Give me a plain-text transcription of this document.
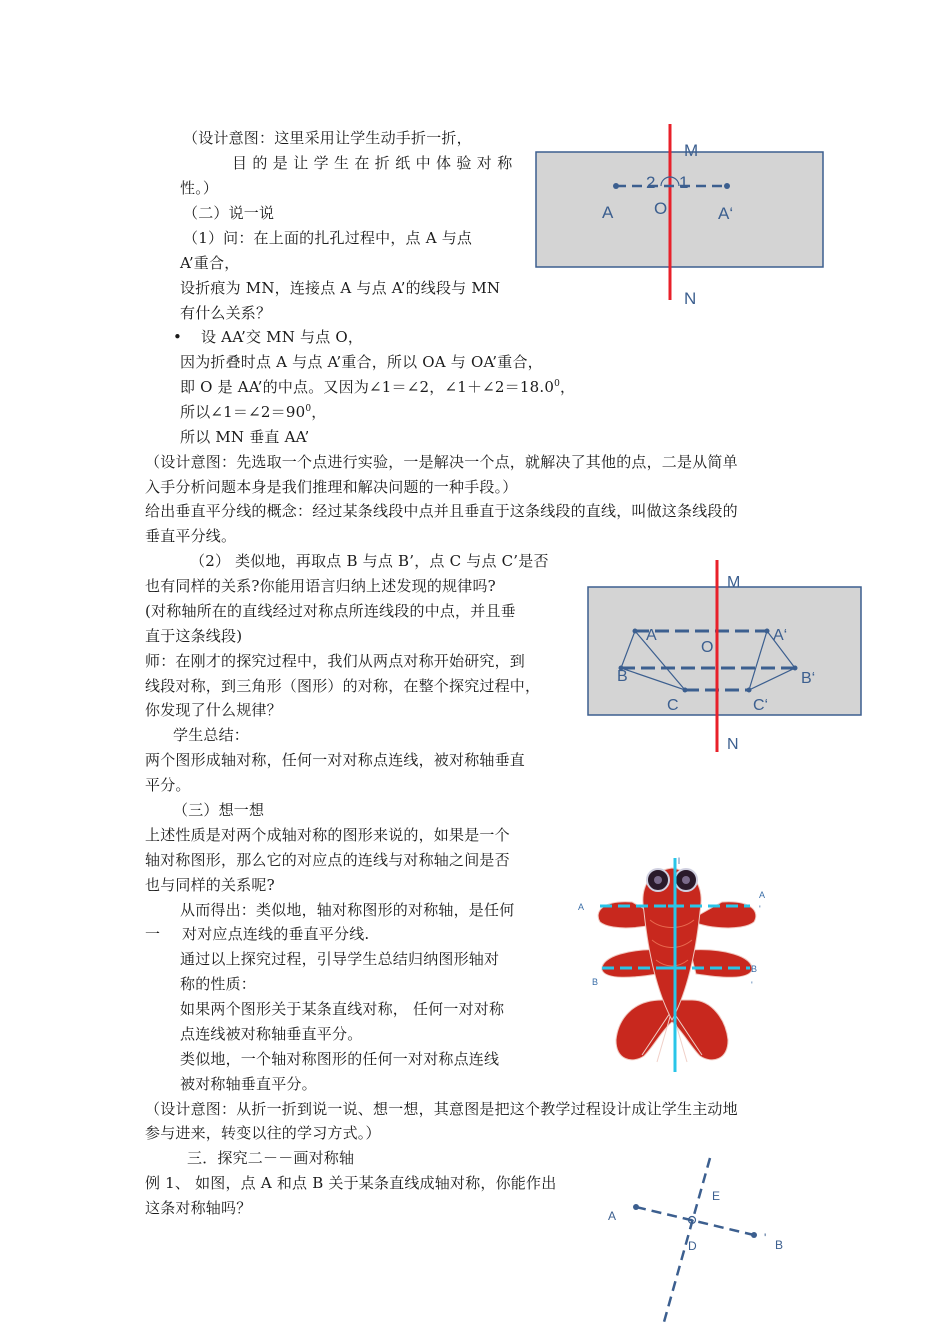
（设计意图：这里采用让学生动手折一折，
目的是让学生在折纸中体验对称
性。）
（二）说一说
（1）问：在上面的扎孔过程中，点 A 与点
A’重合，
设折痕为 MN，连接点 A 与点 A’的线段与 MN
有什么关系？
• 设 AA’交 MN 与点 O，
因为折叠时点 A 与点 A’重合，所以 OA 与 OA’重合，
即 O 是 AA’的中点。又因为∠1＝∠2，$\angle 1+\angle 2=18.0^0$，
所以$\angle 1=\angle 2=90^0$，
所以 MN 垂直 AA’
（设计意图：先选取一个点进行实验，一是解决一个点，就解决了其他的点，二是从简单
入手分析问题本身是我们推理和解决问题的一种手段。）
给出垂直平分线的概念：经过某条线段中点并且垂直于这条线段的直线，叫做这条线段的
垂直平分线。
（2） 类似地，再取点 B 与点 B’，点 C 与点 C’是否
也有同样的关系?你能用语言归纳上述发现的规律吗?
(对称轴所在的直线经过对称点所连线段的中点，并且垂
直于这条线段)
师：在刚才的探究过程中，我们从两点对称开始研究，到
线段对称，到三角形（图形）的对称，在整个探究过程中，
你发现了什么规律？
学生总结：
两个图形成轴对称，任何一对对称点连线，被对称轴垂直
平分。
（三）想一想
上述性质是对两个成轴对称的图形来说的，如果是一个
轴对称图形，那么它的对应点的连线与对称轴之间是否
也与同样的关系呢?
从而得出：类似地，轴对称图形的对称轴，是任何
一 对对应点连线的垂直平分线.
通过以上探究过程，引导学生总结归纳图形轴对
称的性质：
如果两个图形关于某条直线对称， 任何一对对称
点连线被对称轴垂直平分。
类似地，一个轴对称图形的任何一对对称点连线
被对称轴垂直平分。
（设计意图：从折一折到说一说、想一想，其意图是把这个教学过程设计成让学生主动地
参与进来，转变以往的学习方式。）
三．探究二－－画对称轴
例 1、 如图，点 A 和点 B 关于某条直线成轴对称，你能作出
这条对称轴吗？
M
N
A O	A‘
2 1
M
N
A	A‘
O
B	B‘
C	C‘
l
A
A
'
B
B
'
A
B
E
D
'
